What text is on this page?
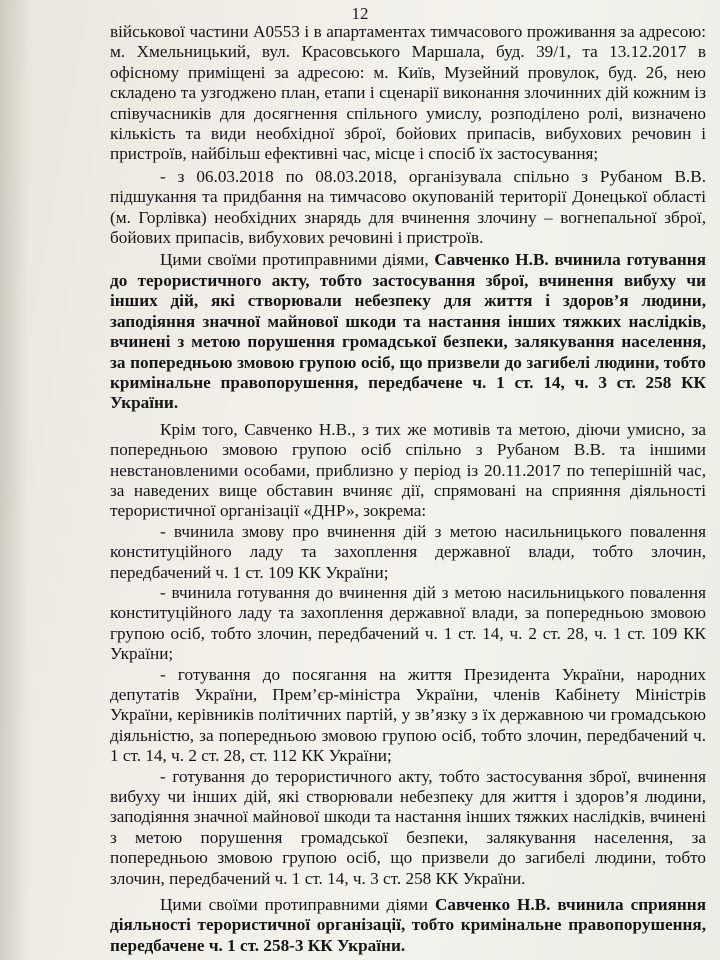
12

військової частини А0553 і в апартаментах тимчасового проживання за адресою: м. Хмельницький, вул. Красовського Маршала, буд. 39/1, та 13.12.2017 в офісному приміщені за адресою: м. Київ, Музейний провулок, буд. 2б, нею складено та узгоджено план, етапи і сценарії виконання злочинних дій кожним із співучасників для досягнення спільного умислу, розподілено ролі, визначено кількість та види необхідної зброї, бойових припасів, вибухових речовин і пристроїв, найбільш ефективні час, місце і спосіб їх застосування;

- з 06.03.2018 по 08.03.2018, організувала спільно з Рубаном В.В. підшукання та придбання на тимчасово окупованій території Донецької області (м. Горлівка) необхідних знарядь для вчинення злочину – вогнепальної зброї, бойових припасів, вибухових речовині і пристроїв.

Цими своїми протиправними діями, Савченко Н.В. вчинила готування до терористичного акту, тобто застосування зброї, вчинення вибуху чи інших дій, які створювали небезпеку для життя і здоров’я людини, заподіяння значної майнової шкоди та настання інших тяжких наслідків, вчинені з метою порушення громадської безпеки, залякування населення, за попередньою змовою групою осіб, що призвели до загибелі людини, тобто кримінальне правопорушення, передбачене ч. 1 ст. 14, ч. 3 ст. 258 КК України.

Крім того, Савченко Н.В., з тих же мотивів та метою, діючи умисно, за попередньою змовою групою осіб спільно з Рубаном В.В. та іншими невстановленими особами, приблизно у період із 20.11.2017 по теперішній час, за наведених вище обставин вчиняє дії, спрямовані на сприяння діяльності терористичної організації «ДНР», зокрема:

- вчинила змову про вчинення дій з метою насильницького повалення конституційного ладу та захоплення державної влади, тобто злочин, передбачений ч. 1 ст. 109 КК України;

- вчинила готування до вчинення дій з метою насильницького повалення конституційного ладу та захоплення державної влади, за попередньою змовою групою осіб, тобто злочин, передбачений ч. 1 ст. 14, ч. 2 ст. 28, ч. 1 ст. 109 КК України;

- готування до посягання на життя Президента України, народних депутатів України, Прем’єр-міністра України, членів Кабінету Міністрів України, керівників політичних партій, у зв’язку з їх державною чи громадською діяльністю, за попередньою змовою групою осіб, тобто злочин, передбачений ч. 1 ст. 14, ч. 2 ст. 28, ст. 112 КК України;

- готування до терористичного акту, тобто застосування зброї, вчинення вибуху чи інших дій, які створювали небезпеку для життя і здоров’я людини, заподіяння значної майнової шкоди та настання інших тяжких наслідків, вчинені з метою порушення громадської безпеки, залякування населення, за попередньою змовою групою осіб, що призвели до загибелі людини, тобто злочин, передбачений ч. 1 ст. 14, ч. 3 ст. 258 КК України.

Цими своїми протиправними діями Савченко Н.В. вчинила сприяння діяльності терористичної організації, тобто кримінальне правопорушення, передбачене ч. 1 ст. 258-3 КК України.
